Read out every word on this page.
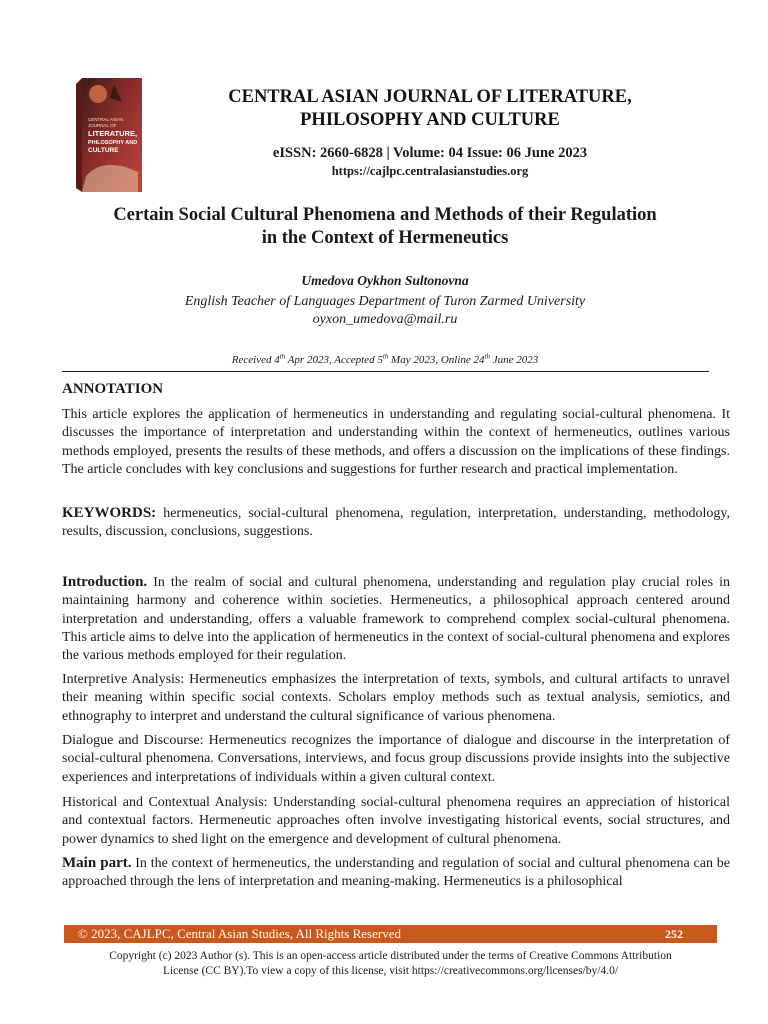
CENTRAL ASIAN
JOURNAL OF
LITERATURE,
PHILOSOPHY AND
CULTURE
CENTRAL ASIAN JOURNAL OF LITERATURE,
PHILOSOPHY AND CULTURE
eISSN: 2660-6828 | Volume: 04 Issue: 06 June 2023
https://cajlpc.centralasianstudies.org
Certain Social Cultural Phenomena and Methods of their Regulation
in the Context of Hermeneutics
Umedova Oykhon Sultonovna
English Teacher of Languages Department of Turon Zarmed University
oyxon_umedova@mail.ru
Received 4th Apr 2023, Accepted 5th May 2023, Online 24th June 2023
ANNOTATION
This article explores the application of hermeneutics in understanding and regulating social-cultural phenomena. It discusses the importance of interpretation and understanding within the context of hermeneutics, outlines various methods employed, presents the results of these methods, and offers a discussion on the implications of these findings. The article concludes with key conclusions and suggestions for further research and practical implementation.
KEYWORDS: hermeneutics, social-cultural phenomena, regulation, interpretation, understanding, methodology, results, discussion, conclusions, suggestions.
Introduction. In the realm of social and cultural phenomena, understanding and regulation play crucial roles in maintaining harmony and coherence within societies. Hermeneutics, a philosophical approach centered around interpretation and understanding, offers a valuable framework to comprehend complex social-cultural phenomena. This article aims to delve into the application of hermeneutics in the context of social-cultural phenomena and explores the various methods employed for their regulation.
Interpretive Analysis: Hermeneutics emphasizes the interpretation of texts, symbols, and cultural artifacts to unravel their meaning within specific social contexts. Scholars employ methods such as textual analysis, semiotics, and ethnography to interpret and understand the cultural significance of various phenomena.
Dialogue and Discourse: Hermeneutics recognizes the importance of dialogue and discourse in the interpretation of social-cultural phenomena. Conversations, interviews, and focus group discussions provide insights into the subjective experiences and interpretations of individuals within a given cultural context.
Historical and Contextual Analysis: Understanding social-cultural phenomena requires an appreciation of historical and contextual factors. Hermeneutic approaches often involve investigating historical events, social structures, and power dynamics to shed light on the emergence and development of cultural phenomena.
Main part. In the context of hermeneutics, the understanding and regulation of social and cultural phenomena can be approached through the lens of interpretation and meaning-making. Hermeneutics is a philosophical
© 2023, CAJLPC, Central Asian Studies, All Rights Reserved	252
Copyright (c) 2023 Author (s). This is an open-access article distributed under the terms of Creative Commons Attribution
License (CC BY).To view a copy of this license, visit https://creativecommons.org/licenses/by/4.0/
